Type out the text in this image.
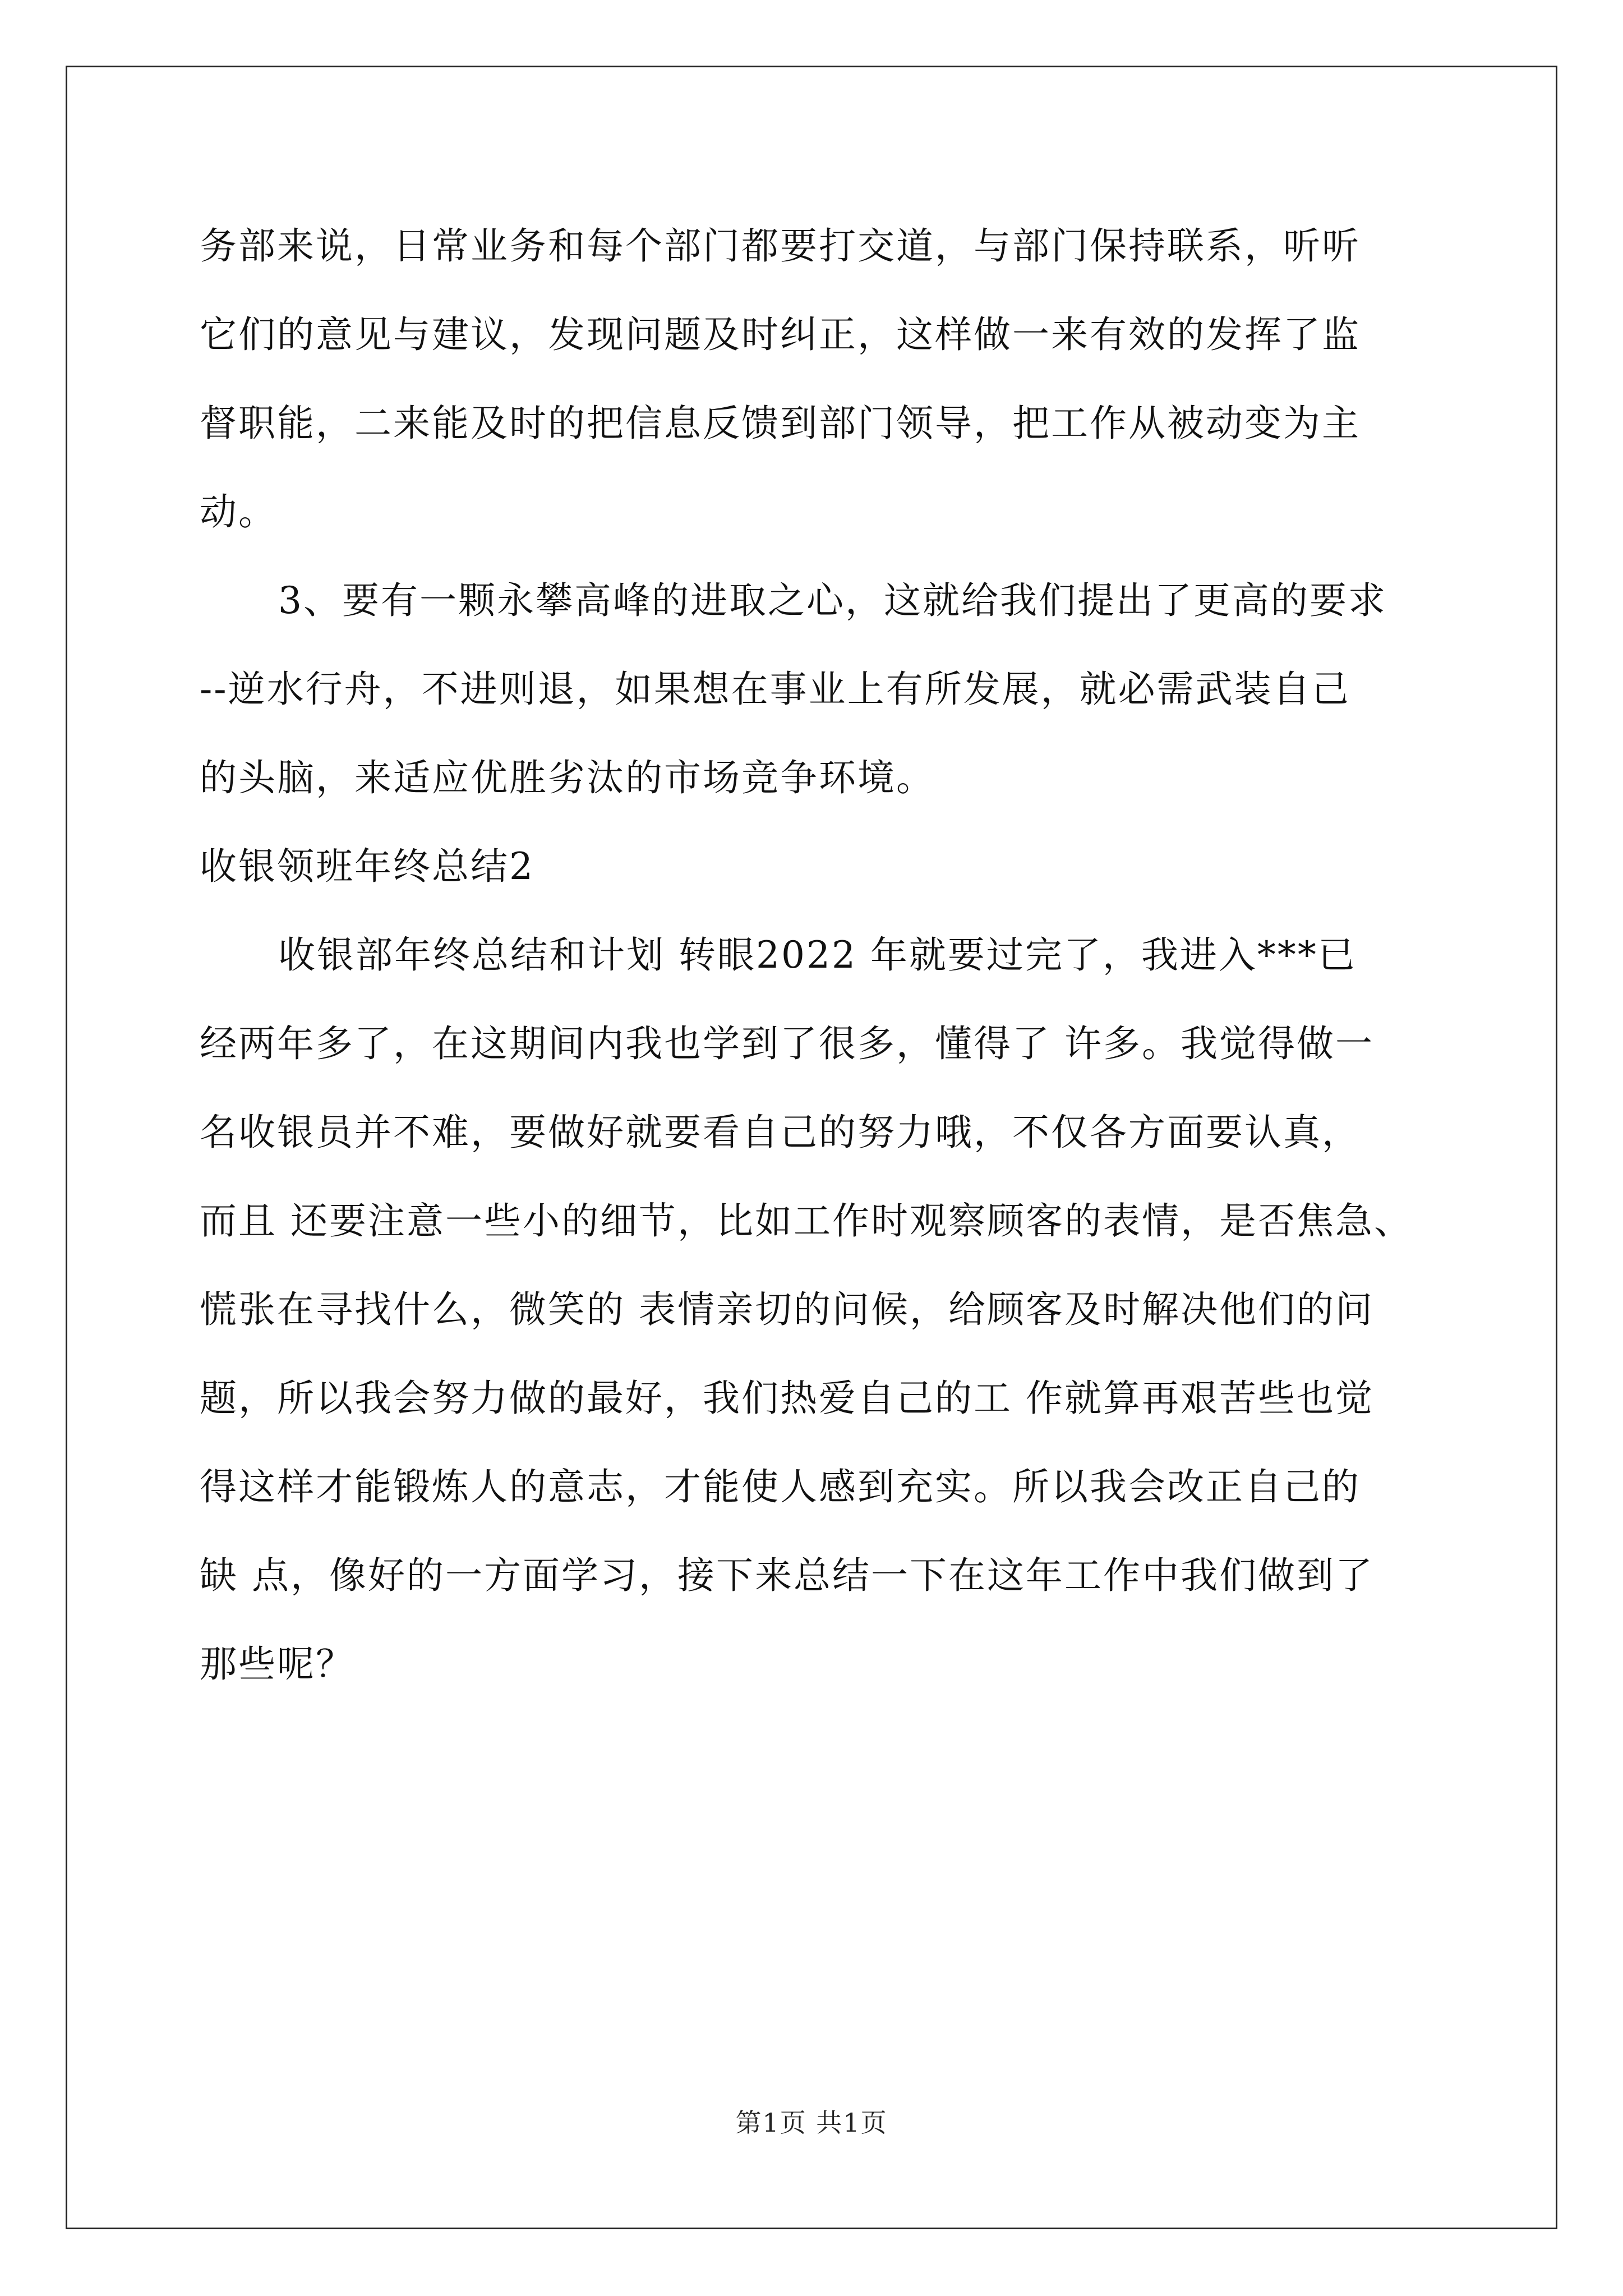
务部来说，日常业务和每个部门都要打交道，与部门保持联系，听听
它们的意见与建议，发现问题及时纠正，这样做一来有效的发挥了监
督职能，二来能及时的把信息反馈到部门领导，把工作从被动变为主
动。
3、要有一颗永攀高峰的进取之心，这就给我们提出了更高的要求
--逆水行舟，不进则退，如果想在事业上有所发展，就必需武装自己
的头脑，来适应优胜劣汰的市场竞争环境。
收银领班年终总结2
收银部年终总结和计划 转眼2022 年就要过完了，我进入***已
经两年多了，在这期间内我也学到了很多，懂得了 许多。我觉得做一
名收银员并不难，要做好就要看自己的努力哦，不仅各方面要认真，
而且 还要注意一些小的细节，比如工作时观察顾客的表情，是否焦急、
慌张在寻找什么，微笑的 表情亲切的问候，给顾客及时解决他们的问
题，所以我会努力做的最好，我们热爱自己的工 作就算再艰苦些也觉
得这样才能锻炼人的意志，才能使人感到充实。所以我会改正自己的
缺 点，像好的一方面学习，接下来总结一下在这年工作中我们做到了
那些呢？
第1页 共1页
